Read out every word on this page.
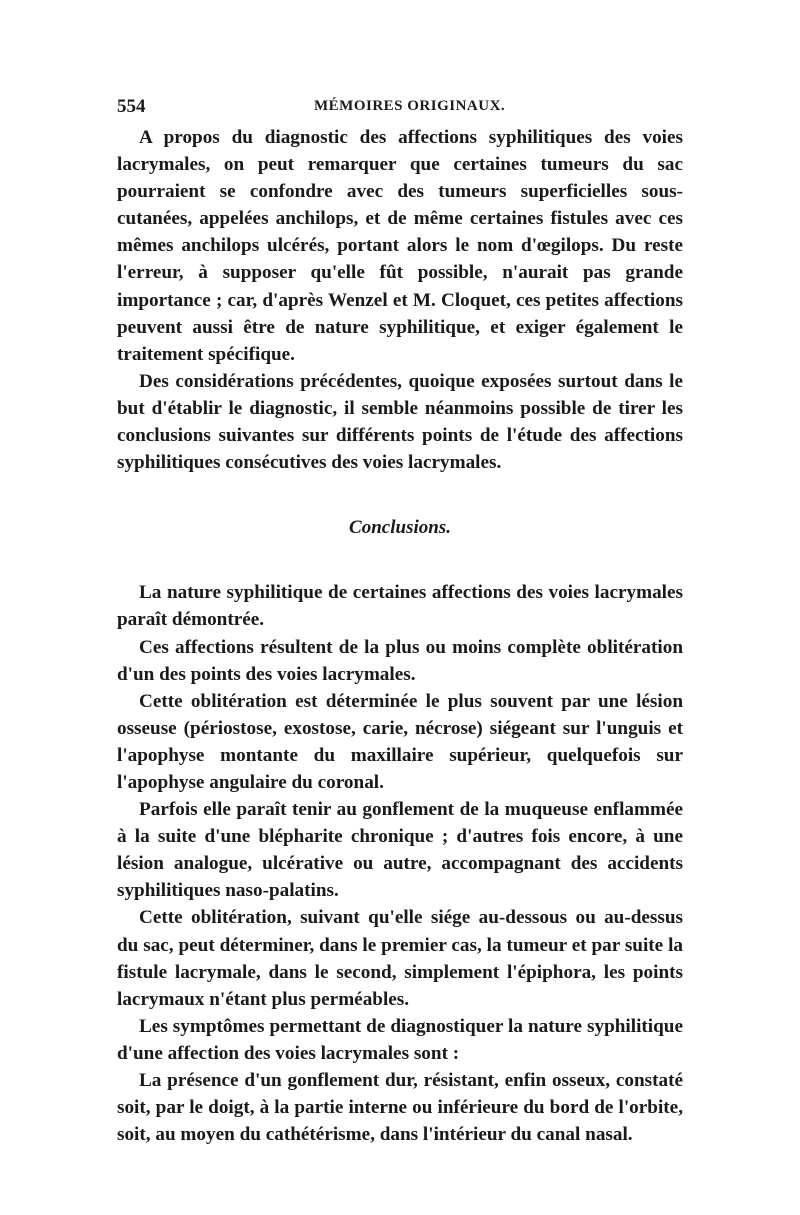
554	MÉMOIRES ORIGINAUX.

A propos du diagnostic des affections syphilitiques des voies lacrymales, on peut remarquer que certaines tumeurs du sac pourraient se confondre avec des tumeurs superficielles sous-cutanées, appelées anchilops, et de même certaines fistules avec ces mêmes anchilops ulcérés, portant alors le nom d'œgilops. Du reste l'erreur, à supposer qu'elle fût possible, n'aurait pas grande importance ; car, d'après Wenzel et M. Cloquet, ces petites affections peuvent aussi être de nature syphilitique, et exiger également le traitement spécifique.

Des considérations précédentes, quoique exposées surtout dans le but d'établir le diagnostic, il semble néanmoins possible de tirer les conclusions suivantes sur différents points de l'étude des affections syphilitiques consécutives des voies lacrymales.

Conclusions.

La nature syphilitique de certaines affections des voies lacrymales paraît démontrée.

Ces affections résultent de la plus ou moins complète oblitération d'un des points des voies lacrymales.

Cette oblitération est déterminée le plus souvent par une lésion osseuse (périostose, exostose, carie, nécrose) siégeant sur l'unguis et l'apophyse montante du maxillaire supérieur, quelquefois sur l'apophyse angulaire du coronal.

Parfois elle paraît tenir au gonflement de la muqueuse enflammée à la suite d'une blépharite chronique ; d'autres fois encore, à une lésion analogue, ulcérative ou autre, accompagnant des accidents syphilitiques naso-palatins.

Cette oblitération, suivant qu'elle siége au-dessous ou au-dessus du sac, peut déterminer, dans le premier cas, la tumeur et par suite la fistule lacrymale, dans le second, simplement l'épiphora, les points lacrymaux n'étant plus perméables.

Les symptômes permettant de diagnostiquer la nature syphilitique d'une affection des voies lacrymales sont :

La présence d'un gonflement dur, résistant, enfin osseux, constaté soit, par le doigt, à la partie interne ou inférieure du bord de l'orbite, soit, au moyen du cathétérisme, dans l'intérieur du canal nasal.
